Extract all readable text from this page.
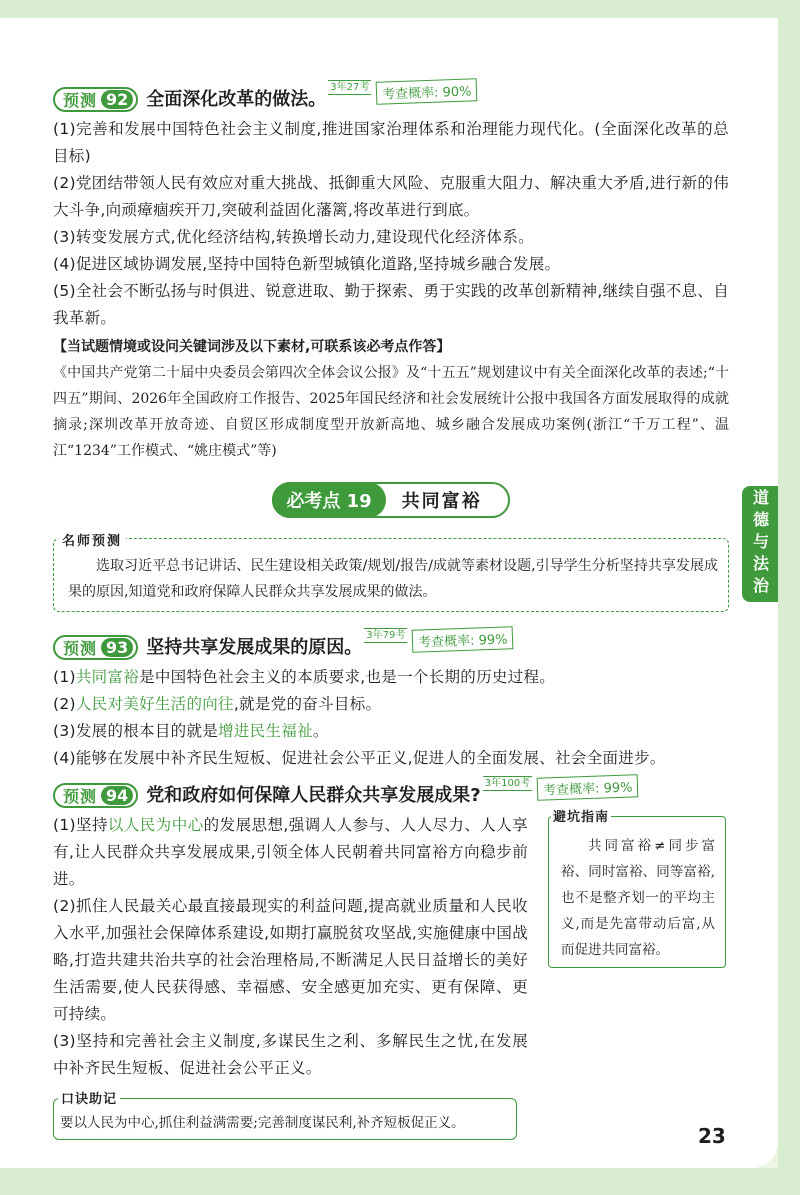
道德与法治
预测 92 全面深化改革的做法。
3年27考 考查概率: 90%
(1)完善和发展中国特色社会主义制度,推进国家治理体系和治理能力现代化。(全面深化改革的总目标)
(2)党团结带领人民有效应对重大挑战、抵御重大风险、克服重大阻力、解决重大矛盾,进行新的伟大斗争,向顽瘴痼疾开刀,突破利益固化藩篱,将改革进行到底。
(3)转变发展方式,优化经济结构,转换增长动力,建设现代化经济体系。
(4)促进区域协调发展,坚持中国特色新型城镇化道路,坚持城乡融合发展。
(5)全社会不断弘扬与时俱进、锐意进取、勤于探索、勇于实践的改革创新精神,继续自强不息、自我革新。
【当试题情境或设问关键词涉及以下素材,可联系该必考点作答】
《中国共产党第二十届中央委员会第四次全体会议公报》及“十五五”规划建议中有关全面深化改革的表述;“十四五”期间、2026年全国政府工作报告、2025年国民经济和社会发展统计公报中我国各方面发展取得的成就摘录;深圳改革开放奇迹、自贸区形成制度型开放新高地、城乡融合发展成功案例(浙江“千万工程”、温江“1234”工作模式、“姚庄模式”等)
必考点 19	共同富裕
名师预测
选取习近平总书记讲话、民生建设相关政策/规划/报告/成就等素材设题,引导学生分析坚持共享发展成果的原因,知道党和政府保障人民群众共享发展成果的做法。
预测 93 坚持共享发展成果的原因。
3年79考 考查概率: 99%
(1)共同富裕是中国特色社会主义的本质要求,也是一个长期的历史过程。
(2)人民对美好生活的向往,就是党的奋斗目标。
(3)发展的根本目的就是增进民生福祉。
(4)能够在发展中补齐民生短板、促进社会公平正义,促进人的全面发展、社会全面进步。
预测 94 党和政府如何保障人民群众共享发展成果?
3年100考 考查概率: 99%
(1)坚持以人民为中心的发展思想,强调人人参与、人人尽力、人人享有,让人民群众共享发展成果,引领全体人民朝着共同富裕方向稳步前进。
(2)抓住人民最关心最直接最现实的利益问题,提高就业质量和人民收入水平,加强社会保障体系建设,如期打赢脱贫攻坚战,实施健康中国战略,打造共建共治共享的社会治理格局,不断满足人民日益增长的美好生活需要,使人民获得感、幸福感、安全感更加充实、更有保障、更可持续。
(3)坚持和完善社会主义制度,多谋民生之利、多解民生之忧,在发展中补齐民生短板、促进社会公平正义。
避坑指南
共同富裕≠同步富裕、同时富裕、同等富裕,也不是整齐划一的平均主义,而是先富带动后富,从而促进共同富裕。
口诀助记
要以人民为中心,抓住利益满需要;完善制度谋民利,补齐短板促正义。
23
